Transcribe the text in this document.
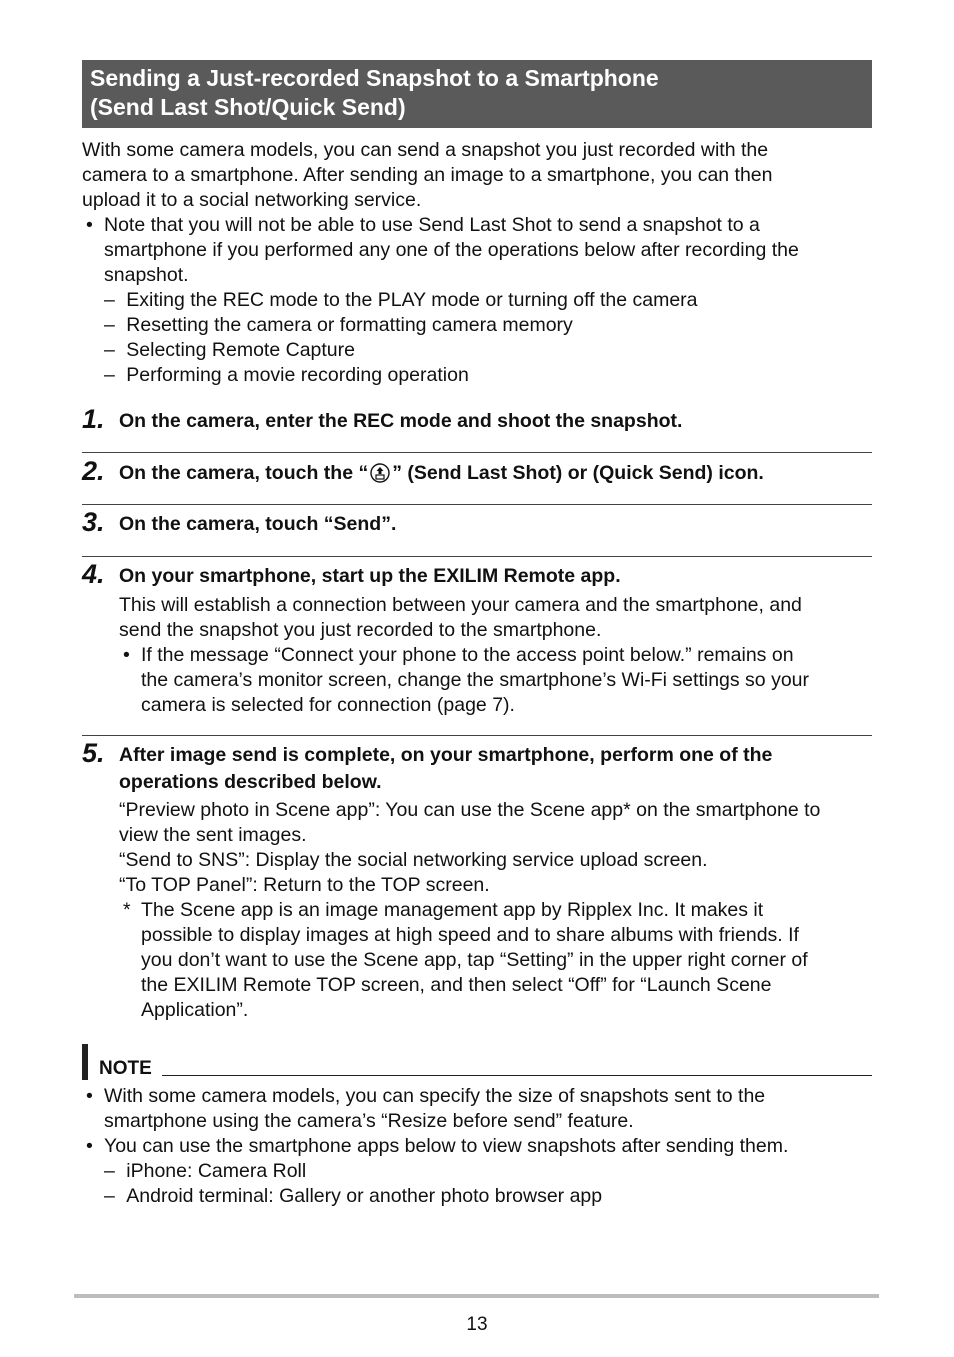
Sending a Just-recorded Snapshot to a Smartphone
(Send Last Shot/Quick Send)
With some camera models, you can send a snapshot you just recorded with the
camera to a smartphone. After sending an image to a smartphone, you can then
upload it to a social networking service.
• Note that you will not be able to use Send Last Shot to send a snapshot to a
smartphone if you performed any one of the operations below after recording the
snapshot.
– Exiting the REC mode to the PLAY mode or turning off the camera
– Resetting the camera or formatting camera memory
– Selecting Remote Capture
– Performing a movie recording operation
1. On the camera, enter the REC mode and shoot the snapshot.
2. On the camera, touch the “ ” (Send Last Shot) or (Quick Send) icon.
3. On the camera, touch “Send”.
4. On your smartphone, start up the EXILIM Remote app.
This will establish a connection between your camera and the smartphone, and
send the snapshot you just recorded to the smartphone.
• If the message “Connect your phone to the access point below.” remains on
the camera’s monitor screen, change the smartphone’s Wi-Fi settings so your
camera is selected for connection (page 7).
5. After image send is complete, on your smartphone, perform one of the
operations described below.
“Preview photo in Scene app”: You can use the Scene app* on the smartphone to
view the sent images.
“Send to SNS”: Display the social networking service upload screen.
“To TOP Panel”: Return to the TOP screen.
* The Scene app is an image management app by Ripplex Inc. It makes it
possible to display images at high speed and to share albums with friends. If
you don’t want to use the Scene app, tap “Setting” in the upper right corner of
the EXILIM Remote TOP screen, and then select “Off” for “Launch Scene
Application”.
NOTE
• With some camera models, you can specify the size of snapshots sent to the
smartphone using the camera’s “Resize before send” feature.
• You can use the smartphone apps below to view snapshots after sending them.
– iPhone: Camera Roll
– Android terminal: Gallery or another photo browser app
13
